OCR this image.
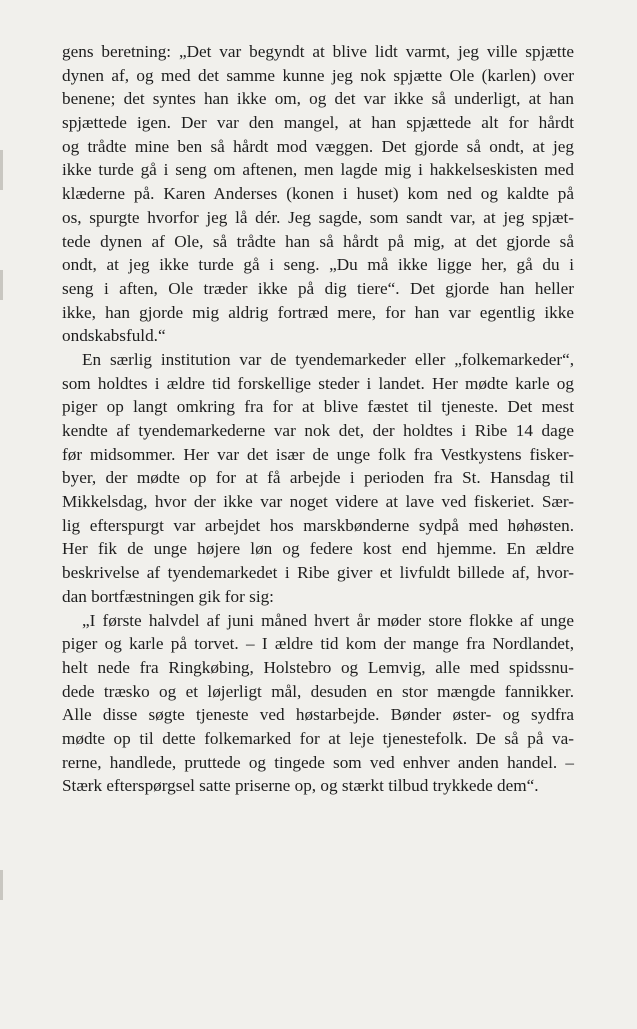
gens beretning: „Det var begyndt at blive lidt varmt, jeg ville spjætte
dynen af, og med det samme kunne jeg nok spjætte Ole (karlen) over
benene; det syntes han ikke om, og det var ikke så underligt, at han
spjættede igen. Der var den mangel, at han spjættede alt for hårdt
og trådte mine ben så hårdt mod væggen. Det gjorde så ondt, at jeg
ikke turde gå i seng om aftenen, men lagde mig i hakkelseskisten med
klæderne på. Karen Anderses (konen i huset) kom ned og kaldte på
os, spurgte hvorfor jeg lå dér. Jeg sagde, som sandt var, at jeg spjæt-
tede dynen af Ole, så trådte han så hårdt på mig, at det gjorde så
ondt, at jeg ikke turde gå i seng. „Du må ikke ligge her, gå du i
seng i aften, Ole træder ikke på dig tiere“. Det gjorde han heller
ikke, han gjorde mig aldrig fortræd mere, for han var egentlig ikke
ondskabsfuld.“
En særlig institution var de tyendemarkeder eller „folkemarkeder“,
som holdtes i ældre tid forskellige steder i landet. Her mødte karle og
piger op langt omkring fra for at blive fæstet til tjeneste. Det mest
kendte af tyendemarkederne var nok det, der holdtes i Ribe 14 dage
før midsommer. Her var det især de unge folk fra Vestkystens fisker-
byer, der mødte op for at få arbejde i perioden fra St. Hansdag til
Mikkelsdag, hvor der ikke var noget videre at lave ved fiskeriet. Sær-
lig efterspurgt var arbejdet hos marskbønderne sydpå med høhøsten.
Her fik de unge højere løn og federe kost end hjemme. En ældre
beskrivelse af tyendemarkedet i Ribe giver et livfuldt billede af, hvor-
dan bortfæstningen gik for sig:
„I første halvdel af juni måned hvert år møder store flokke af unge
piger og karle på torvet. – I ældre tid kom der mange fra Nordlandet,
helt nede fra Ringkøbing, Holstebro og Lemvig, alle med spidssnu-
dede træsko og et løjerligt mål, desuden en stor mængde fannikker.
Alle disse søgte tjeneste ved høstarbejde. Bønder øster- og sydfra
mødte op til dette folkemarked for at leje tjenestefolk. De så på va-
rerne, handlede, pruttede og tingede som ved enhver anden handel. –
Stærk efterspørgsel satte priserne op, og stærkt tilbud trykkede dem“.
